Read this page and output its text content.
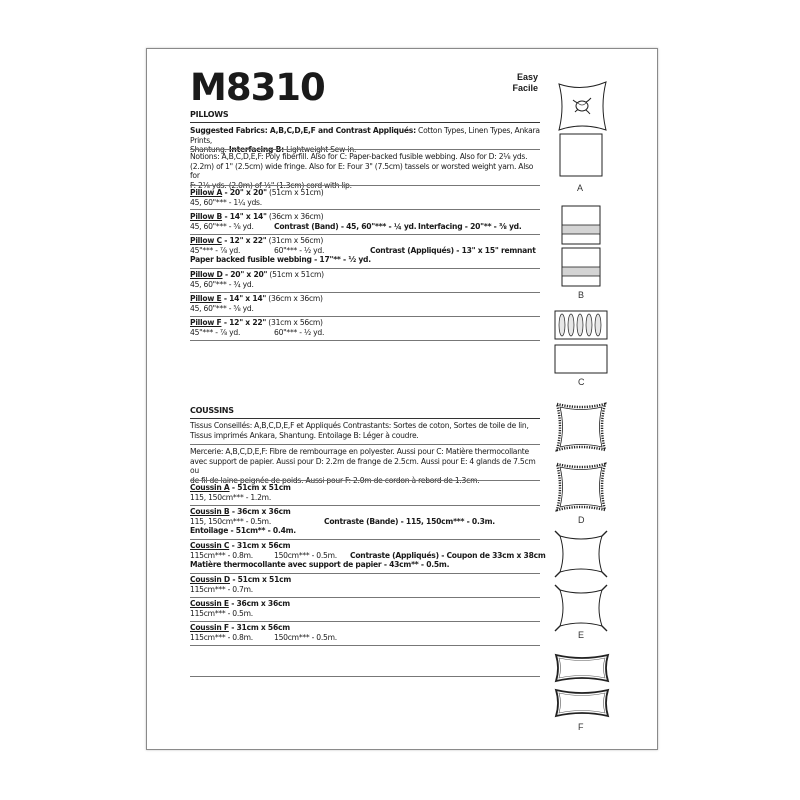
M8310	Easy
Facile
PILLOWS
Suggested Fabrics: A,B,C,D,E,F and Contrast Appliqués: Cotton Types, Linen Types, Ankara Prints,
Shantung. Interfacing B: Lightweight Sew-in.
Notions: A,B,C,D,E,F: Poly fiberfill. Also for C: Paper-backed fusible webbing. Also for D: 2⅛ yds.
(2.2m) of 1" (2.5cm) wide fringe. Also for E: Four 3" (7.5cm) tassels or worsted weight yarn. Also for
F: 2⅛ yds. (2.0m) of ½" (1.3cm) cord with lip.
Pillow A - 20" x 20" (51cm x 51cm)
45, 60"*** - 1¼ yds.
Pillow B - 14" x 14" (36cm x 36cm)
45, 60"*** - ⅝ yd.	Contrast (Band) - 45, 60"*** - ¼ yd. Interfacing - 20"** - ⅜ yd.
Pillow C - 12" x 22" (31cm x 56cm)
45"*** - ⅞ yd.	60"*** - ½ yd.	Contrast (Appliqués) - 13" x 15" remnant
Paper backed fusible webbing - 17"** - ½ yd.
Pillow D - 20" x 20" (51cm x 51cm)
45, 60"*** - ¾ yd.
Pillow E - 14" x 14" (36cm x 36cm)
45, 60"*** - ⅝ yd.
Pillow F - 12" x 22" (31cm x 56cm)
45"*** - ⅞ yd.	60"*** - ½ yd.
COUSSINS
Tissus Conseillés: A,B,C,D,E,F et Appliqués Contrastants: Sortes de coton, Sortes de toile de lin,
Tissus imprimés Ankara, Shantung. Entoilage B: Léger à coudre.
Mercerie: A,B,C,D,E,F: Fibre de rembourrage en polyester. Aussi pour C: Matière thermocollante
avec support de papier. Aussi pour D: 2.2m de frange de 2.5cm. Aussi pour E: 4 glands de 7.5cm ou
de fil de laine peignée de poids. Aussi pour F: 2.0m de cordon à rebord de 1.3cm.
Coussin A - 51cm x 51cm
115, 150cm*** - 1.2m.
Coussin B - 36cm x 36cm
115, 150cm*** - 0.5m.	Contraste (Bande) - 115, 150cm*** - 0.3m.
Entoilage - 51cm** - 0.4m.
Coussin C - 31cm x 56cm
115cm*** - 0.8m.	150cm*** - 0.5m. Contraste (Appliqués) - Coupon de 33cm x 38cm
Matière thermocollante avec support de papier - 43cm** - 0.5m.
Coussin D - 51cm x 51cm
115cm*** - 0.7m.
Coussin E - 36cm x 36cm
115cm*** - 0.5m.
Coussin F - 31cm x 56cm
115cm*** - 0.8m.	150cm*** - 0.5m.
A
B
C
D
E
F
